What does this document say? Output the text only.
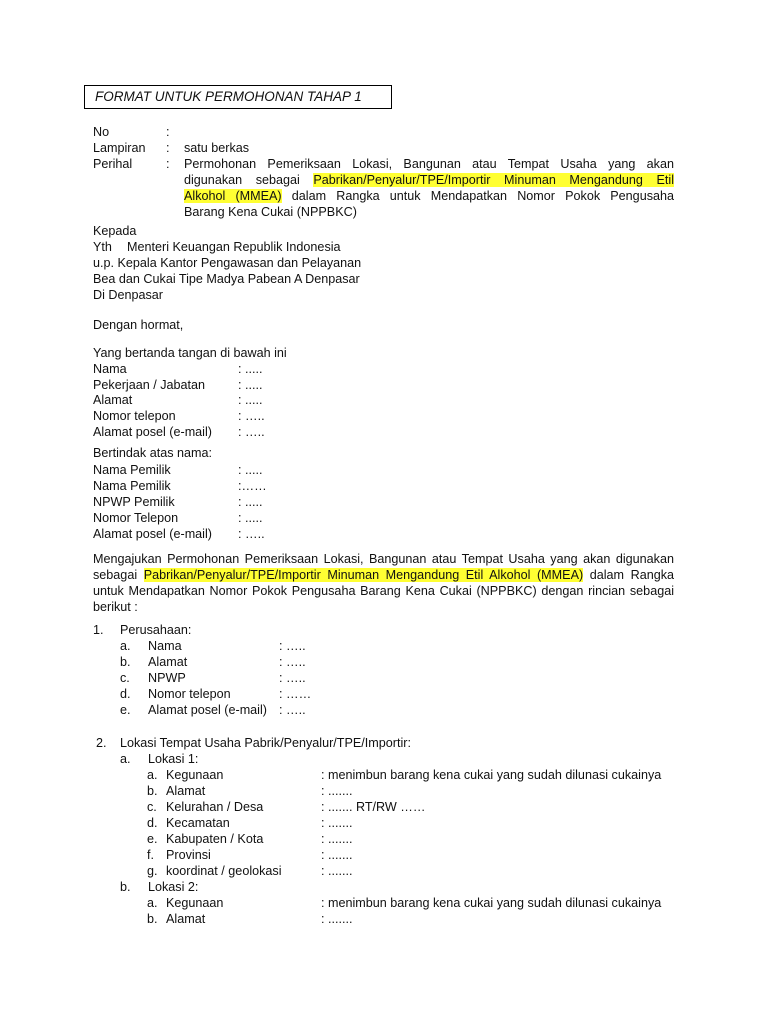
FORMAT UNTUK PERMOHONAN TAHAP 1
No	:
Lampiran : satu berkas
Perihal	: Permohonan Pemeriksaan Lokasi, Bangunan atau Tempat Usaha yang akan
digunakan sebagai Pabrikan/Penyalur/TPE/Importir Minuman Mengandung Etil
Alkohol (MMEA) dalam Rangka untuk Mendapatkan Nomor Pokok Pengusaha
Barang Kena Cukai (NPPBKC)
Kepada
Yth Menteri Keuangan Republik Indonesia
u.p. Kepala Kantor Pengawasan dan Pelayanan
Bea dan Cukai Tipe Madya Pabean A Denpasar
Di Denpasar
Dengan hormat,
Yang bertanda tangan di bawah ini
Nama	: .....
Pekerjaan / Jabatan	: .....
Alamat	: .....
Nomor telepon	: …..
Alamat posel (e-mail) : …..
Bertindak atas nama:
Nama Pemilik	: .....
Nama Pemilik	:……
NPWP Pemilik	: .....
Nomor Telepon	: .....
Alamat posel (e-mail) : …..
Mengajukan Permohonan Pemeriksaan Lokasi, Bangunan atau Tempat Usaha yang akan digunakan
sebagai Pabrikan/Penyalur/TPE/Importir Minuman Mengandung Etil Alkohol (MMEA) dalam Rangka
untuk Mendapatkan Nomor Pokok Pengusaha Barang Kena Cukai (NPPBKC) dengan rincian sebagai
berikut :
1. Perusahaan:
a. Nama	: …..
b. Alamat	: …..
c. NPWP	: …..
d. Nomor telepon	: ……
e. Alamat posel (e-mail) : …..
2. Lokasi Tempat Usaha Pabrik/Penyalur/TPE/Importir:
a. Lokasi 1:
a. Kegunaan	: menimbun barang kena cukai yang sudah dilunasi cukainya
b. Alamat	: .......
c. Kelurahan / Desa	: ....... RT/RW ……
d. Kecamatan	: .......
e. Kabupaten / Kota	: .......
f. Provinsi	: .......
g. koordinat / geolokasi	: .......
b. Lokasi 2:
a. Kegunaan	: menimbun barang kena cukai yang sudah dilunasi cukainya
b. Alamat	: .......
